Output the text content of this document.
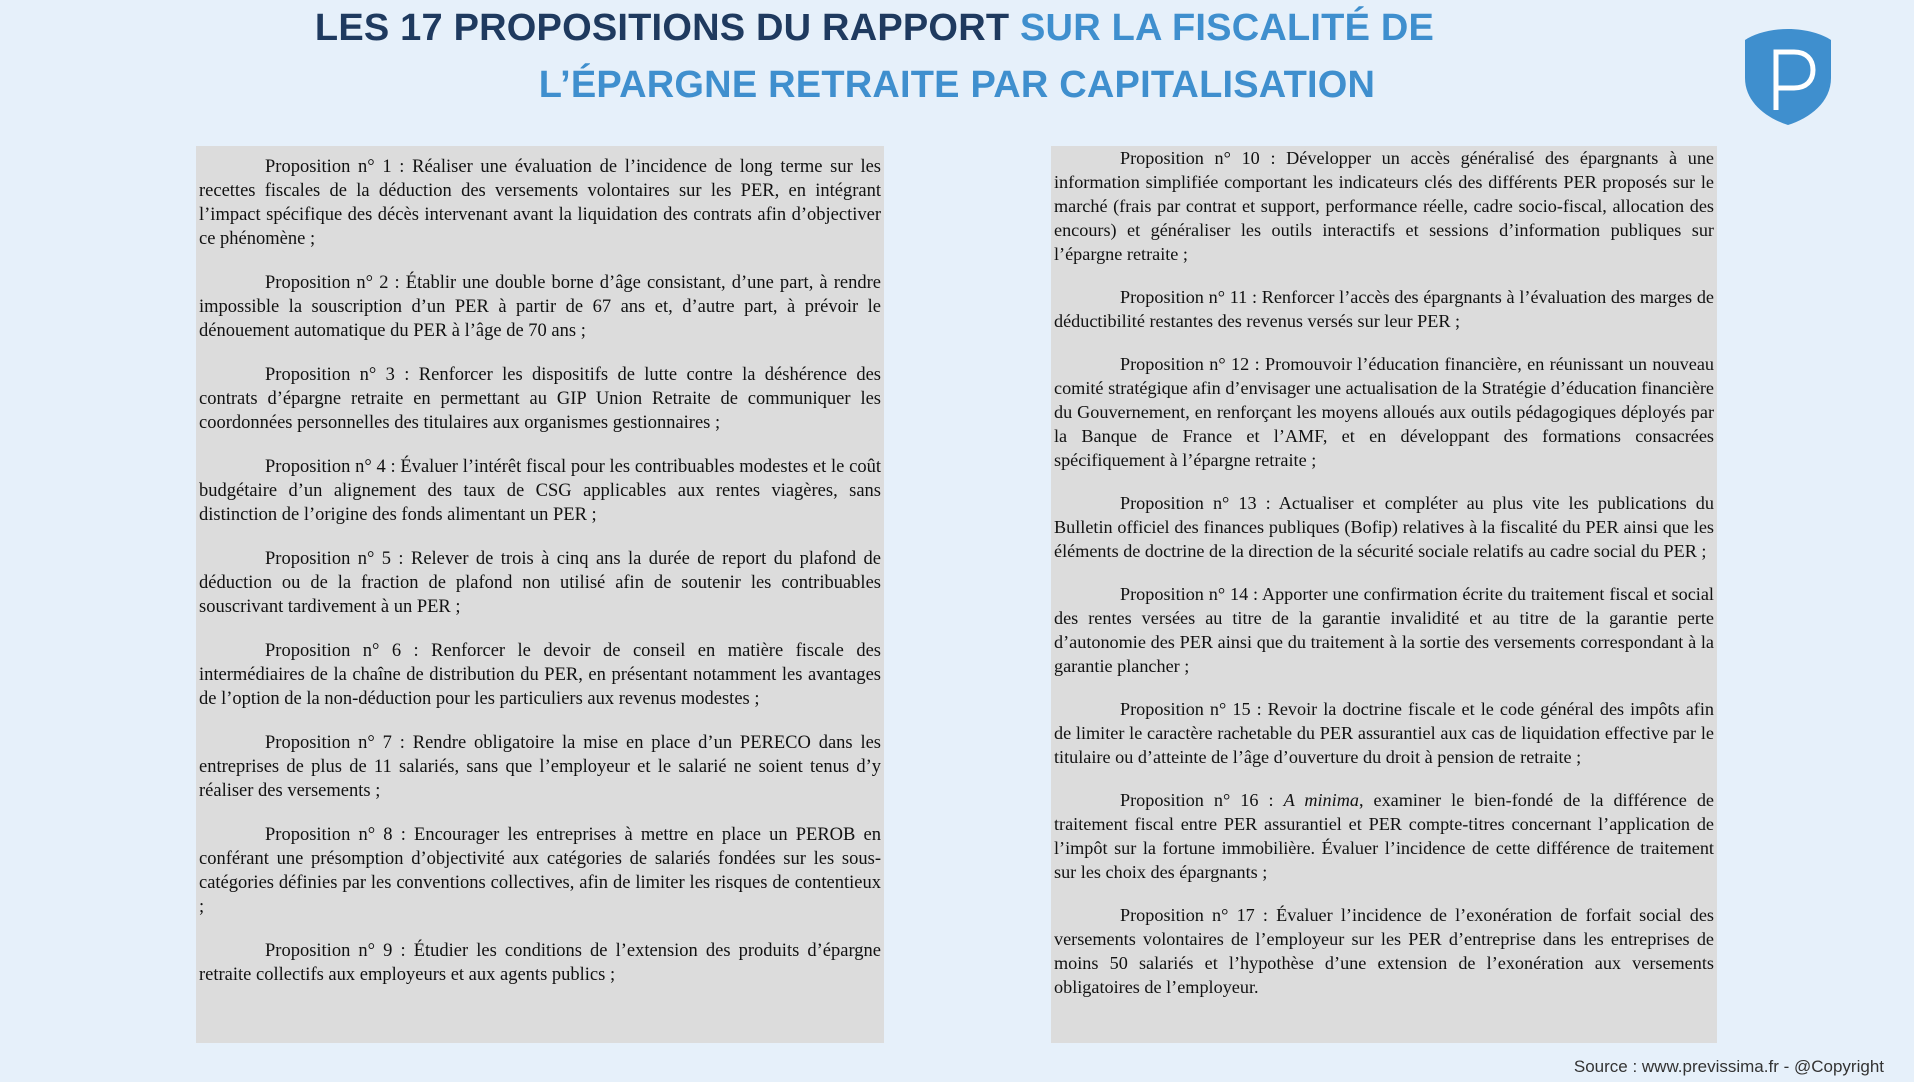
LES 17 PROPOSITIONS DU RAPPORT SUR LA FISCALITÉ DE
L’ÉPARGNE RETRAITE PAR CAPITALISATION

Proposition n° 1 : Réaliser une évaluation de l’incidence de long terme sur les recettes fiscales de la déduction des versements volontaires sur les PER, en intégrant l’impact spécifique des décès intervenant avant la liquidation des contrats afin d’objectiver ce phénomène ;

Proposition n° 2 : Établir une double borne d’âge consistant, d’une part, à rendre impossible la souscription d’un PER à partir de 67 ans et, d’autre part, à prévoir le dénouement automatique du PER à l’âge de 70 ans ;

Proposition n° 3 : Renforcer les dispositifs de lutte contre la déshérence des contrats d’épargne retraite en permettant au GIP Union Retraite de communiquer les coordonnées personnelles des titulaires aux organismes gestionnaires ;

Proposition n° 4 : Évaluer l’intérêt fiscal pour les contribuables modestes et le coût budgétaire d’un alignement des taux de CSG applicables aux rentes viagères, sans distinction de l’origine des fonds alimentant un PER ;

Proposition n° 5 : Relever de trois à cinq ans la durée de report du plafond de déduction ou de la fraction de plafond non utilisé afin de soutenir les contribuables souscrivant tardivement à un PER ;

Proposition n° 6 : Renforcer le devoir de conseil en matière fiscale des intermédiaires de la chaîne de distribution du PER, en présentant notamment les avantages de l’option de la non-déduction pour les particuliers aux revenus modestes ;

Proposition n° 7 : Rendre obligatoire la mise en place d’un PERECO dans les entreprises de plus de 11 salariés, sans que l’employeur et le salarié ne soient tenus d’y réaliser des versements ;

Proposition n° 8 : Encourager les entreprises à mettre en place un PEROB en conférant une présomption d’objectivité aux catégories de salariés fondées sur les sous-catégories définies par les conventions collectives, afin de limiter les risques de contentieux ;

Proposition n° 9 : Étudier les conditions de l’extension des produits d’épargne retraite collectifs aux employeurs et aux agents publics ;

Proposition n° 10 : Développer un accès généralisé des épargnants à une information simplifiée comportant les indicateurs clés des différents PER proposés sur le marché (frais par contrat et support, performance réelle, cadre socio-fiscal, allocation des encours) et généraliser les outils interactifs et sessions d’information publiques sur l’épargne retraite ;

Proposition n° 11 : Renforcer l’accès des épargnants à l’évaluation des marges de déductibilité restantes des revenus versés sur leur PER ;

Proposition n° 12 : Promouvoir l’éducation financière, en réunissant un nouveau comité stratégique afin d’envisager une actualisation de la Stratégie d’éducation financière du Gouvernement, en renforçant les moyens alloués aux outils pédagogiques déployés par la Banque de France et l’AMF, et en développant des formations consacrées spécifiquement à l’épargne retraite ;

Proposition n° 13 : Actualiser et compléter au plus vite les publications du Bulletin officiel des finances publiques (Bofip) relatives à la fiscalité du PER ainsi que les éléments de doctrine de la direction de la sécurité sociale relatifs au cadre social du PER ;

Proposition n° 14 : Apporter une confirmation écrite du traitement fiscal et social des rentes versées au titre de la garantie invalidité et au titre de la garantie perte d’autonomie des PER ainsi que du traitement à la sortie des versements correspondant à la garantie plancher ;

Proposition n° 15 : Revoir la doctrine fiscale et le code général des impôts afin de limiter le caractère rachetable du PER assurantiel aux cas de liquidation effective par le titulaire ou d’atteinte de l’âge d’ouverture du droit à pension de retraite ;

Proposition n° 16 : A minima, examiner le bien-fondé de la différence de traitement fiscal entre PER assurantiel et PER compte-titres concernant l’application de l’impôt sur la fortune immobilière. Évaluer l’incidence de cette différence de traitement sur les choix des épargnants ;

Proposition n° 17 : Évaluer l’incidence de l’exonération de forfait social des versements volontaires de l’employeur sur les PER d’entreprise dans les entreprises de moins 50 salariés et l’hypothèse d’une extension de l’exonération aux versements obligatoires de l’employeur.

Source : www.previssima.fr - @Copyright
